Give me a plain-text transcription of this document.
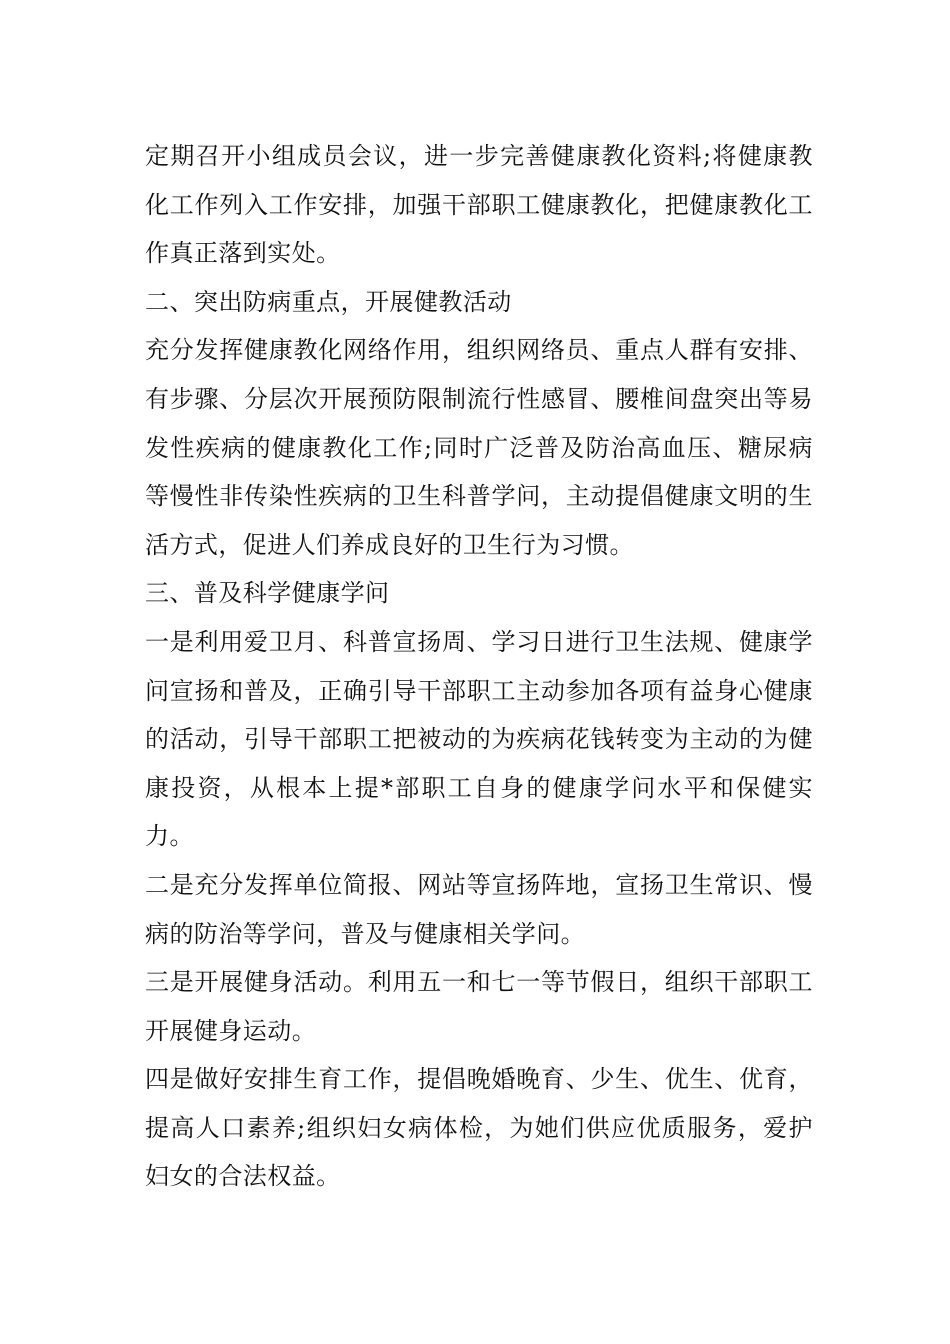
定期召开小组成员会议，进一步完善健康教化资料;将健康教化工作列入工作安排，加强干部职工健康教化，把健康教化工作真正落到实处。

二、突出防病重点，开展健教活动

充分发挥健康教化网络作用，组织网络员、重点人群有安排、有步骤、分层次开展预防限制流行性感冒、腰椎间盘突出等易发性疾病的健康教化工作;同时广泛普及防治高血压、糖尿病等慢性非传染性疾病的卫生科普学问，主动提倡健康文明的生活方式，促进人们养成良好的卫生行为习惯。

三、普及科学健康学问

一是利用爱卫月、科普宣扬周、学习日进行卫生法规、健康学问宣扬和普及，正确引导干部职工主动参加各项有益身心健康的活动，引导干部职工把被动的为疾病花钱转变为主动的为健康投资，从根本上提*部职工自身的健康学问水平和保健实力。

二是充分发挥单位简报、网站等宣扬阵地，宣扬卫生常识、慢病的防治等学问，普及与健康相关学问。

三是开展健身活动。利用五一和七一等节假日，组织干部职工开展健身运动。

四是做好安排生育工作，提倡晚婚晚育、少生、优生、优育，提高人口素养;组织妇女病体检，为她们供应优质服务，爱护妇女的合法权益。
